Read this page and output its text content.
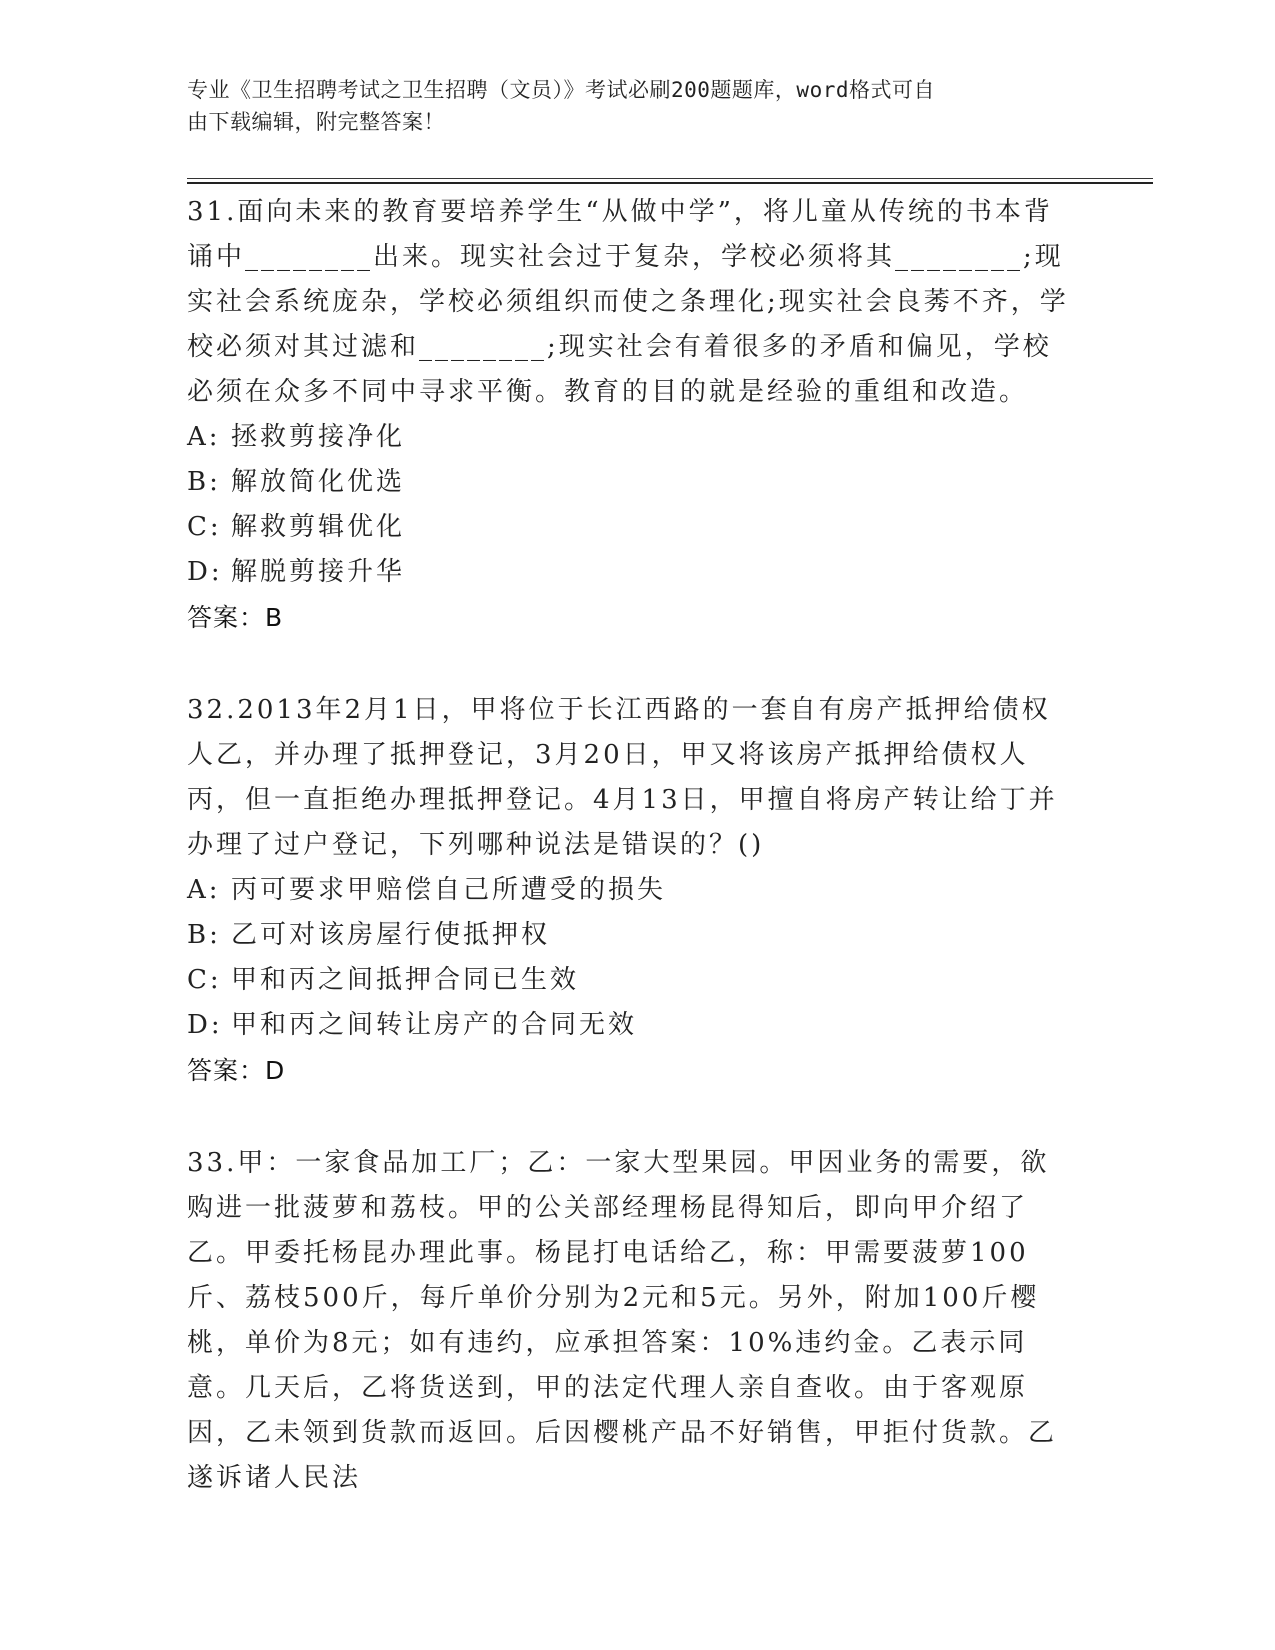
专业《卫生招聘考试之卫生招聘（文员）》考试必刷200题题库，word格式可自
由下载编辑，附完整答案！

31.面向未来的教育要培养学生“从做中学”，将儿童从传统的书本背诵中________出来。现实社会过于复杂，学校必须将其________;现实社会系统庞杂，学校必须组织而使之条理化;现实社会良莠不齐，学校必须对其过滤和________;现实社会有着很多的矛盾和偏见，学校必须在众多不同中寻求平衡。教育的目的就是经验的重组和改造。

A: 拯救剪接净化
B: 解放简化优选
C: 解救剪辑优化
D: 解脱剪接升华
答案：B

32.2013年2月1日，甲将位于长江西路的一套自有房产抵押给债权人乙，并办理了抵押登记，3月20日，甲又将该房产抵押给债权人丙，但一直拒绝办理抵押登记。4月13日，甲擅自将房产转让给丁并办理了过户登记，下列哪种说法是错误的？()

A: 丙可要求甲赔偿自己所遭受的损失
B: 乙可对该房屋行使抵押权
C: 甲和丙之间抵押合同已生效
D: 甲和丙之间转让房产的合同无效
答案：D

33.甲：一家食品加工厂；乙：一家大型果园。甲因业务的需要，欲购进一批菠萝和荔枝。甲的公关部经理杨昆得知后，即向甲介绍了乙。甲委托杨昆办理此事。杨昆打电话给乙，称：甲需要菠萝100斤、荔枝500斤，每斤单价分别为2元和5元。另外，附加100斤樱桃，单价为8元；如有违约，应承担答案：10%违约金。乙表示同意。几天后，乙将货送到，甲的法定代理人亲自查收。由于客观原因，乙未领到货款而返回。后因樱桃产品不好销售，甲拒付货款。乙遂诉诸人民法
